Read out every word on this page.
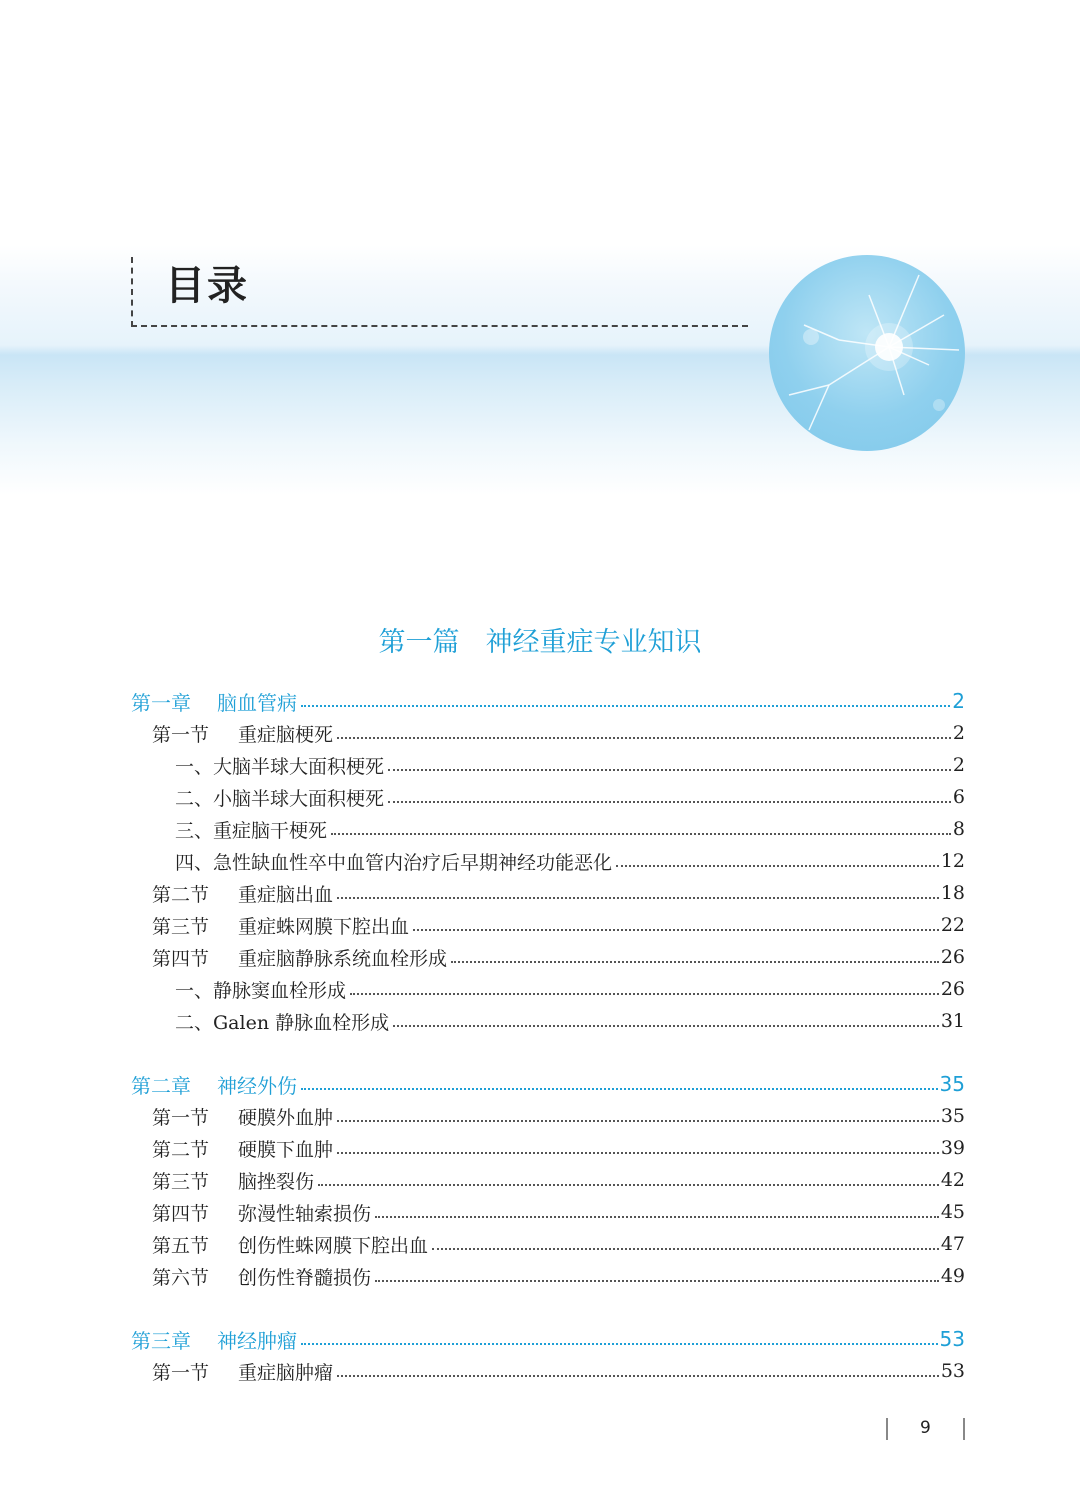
目录
第一篇 神经重症专业知识
第一章	脑血管病	2
第一节	重症脑梗死	2
一、大脑半球大面积梗死	2
二、小脑半球大面积梗死	6
三、重症脑干梗死	8
四、急性缺血性卒中血管内治疗后早期神经功能恶化	12
第二节	重症脑出血	18
第三节	重症蛛网膜下腔出血	22
第四节	重症脑静脉系统血栓形成	26
一、静脉窦血栓形成	26
二、Galen 静脉血栓形成	31
第二章	神经外伤	35
第一节	硬膜外血肿	35
第二节	硬膜下血肿	39
第三节	脑挫裂伤	42
第四节	弥漫性轴索损伤	45
第五节	创伤性蛛网膜下腔出血	47
第六节	创伤性脊髓损伤	49
第三章	神经肿瘤	53
第一节	重症脑肿瘤	53
9
